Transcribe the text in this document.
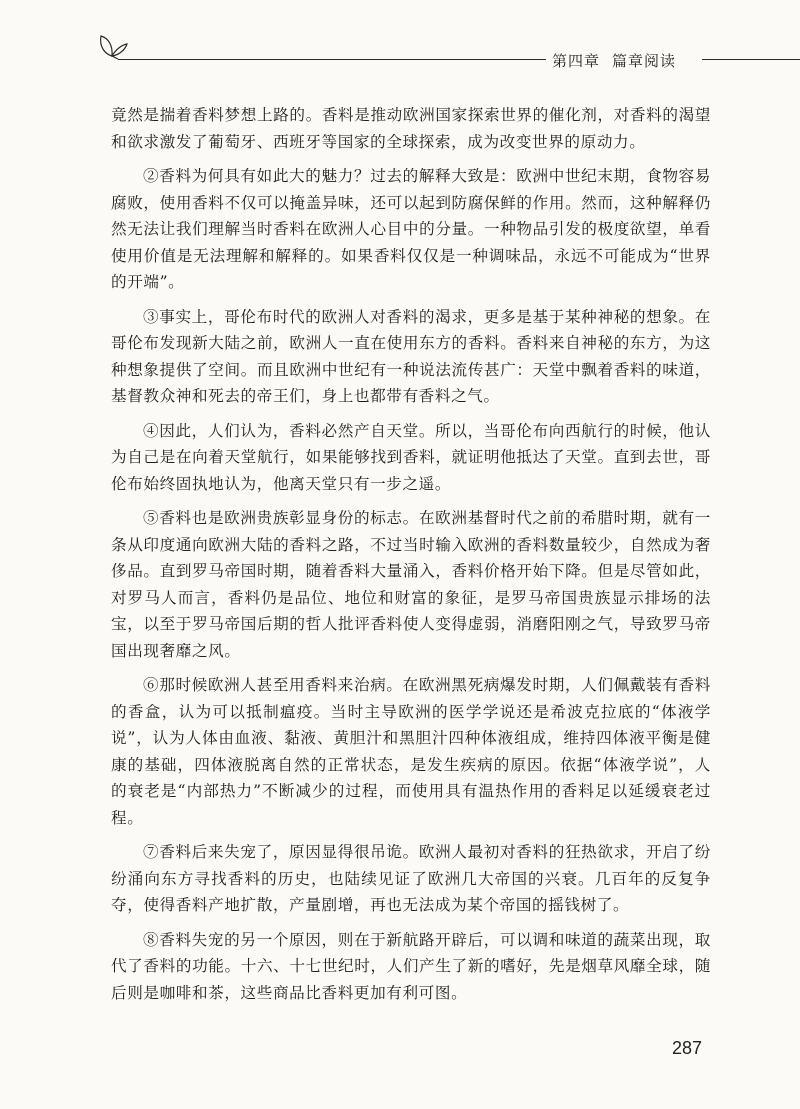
第四章 篇章阅读

竟然是揣着香料梦想上路的。香料是推动欧洲国家探索世界的催化剂，对香料的渴望和欲求激发了葡萄牙、西班牙等国家的全球探索，成为改变世界的原动力。

②香料为何具有如此大的魅力？过去的解释大致是：欧洲中世纪末期，食物容易腐败，使用香料不仅可以掩盖异味，还可以起到防腐保鲜的作用。然而，这种解释仍然无法让我们理解当时香料在欧洲人心目中的分量。一种物品引发的极度欲望，单看使用价值是无法理解和解释的。如果香料仅仅是一种调味品，永远不可能成为“世界的开端”。

③事实上，哥伦布时代的欧洲人对香料的渴求，更多是基于某种神秘的想象。在哥伦布发现新大陆之前，欧洲人一直在使用东方的香料。香料来自神秘的东方，为这种想象提供了空间。而且欧洲中世纪有一种说法流传甚广：天堂中飘着香料的味道，基督教众神和死去的帝王们，身上也都带有香料之气。

④因此，人们认为，香料必然产自天堂。所以，当哥伦布向西航行的时候，他认为自己是在向着天堂航行，如果能够找到香料，就证明他抵达了天堂。直到去世，哥伦布始终固执地认为，他离天堂只有一步之遥。

⑤香料也是欧洲贵族彰显身份的标志。在欧洲基督时代之前的希腊时期，就有一条从印度通向欧洲大陆的香料之路，不过当时输入欧洲的香料数量较少，自然成为奢侈品。直到罗马帝国时期，随着香料大量涌入，香料价格开始下降。但是尽管如此，对罗马人而言，香料仍是品位、地位和财富的象征，是罗马帝国贵族显示排场的法宝，以至于罗马帝国后期的哲人批评香料使人变得虚弱，消磨阳刚之气，导致罗马帝国出现奢靡之风。

⑥那时候欧洲人甚至用香料来治病。在欧洲黑死病爆发时期，人们佩戴装有香料的香盒，认为可以抵制瘟疫。当时主导欧洲的医学学说还是希波克拉底的“体液学说”，认为人体由血液、黏液、黄胆汁和黑胆汁四种体液组成，维持四体液平衡是健康的基础，四体液脱离自然的正常状态，是发生疾病的原因。依据“体液学说”，人的衰老是“内部热力”不断减少的过程，而使用具有温热作用的香料足以延缓衰老过程。

⑦香料后来失宠了，原因显得很吊诡。欧洲人最初对香料的狂热欲求，开启了纷纷涌向东方寻找香料的历史，也陆续见证了欧洲几大帝国的兴衰。几百年的反复争夺，使得香料产地扩散，产量剧增，再也无法成为某个帝国的摇钱树了。

⑧香料失宠的另一个原因，则在于新航路开辟后，可以调和味道的蔬菜出现，取代了香料的功能。十六、十七世纪时，人们产生了新的嗜好，先是烟草风靡全球，随后则是咖啡和茶，这些商品比香料更加有利可图。

287
